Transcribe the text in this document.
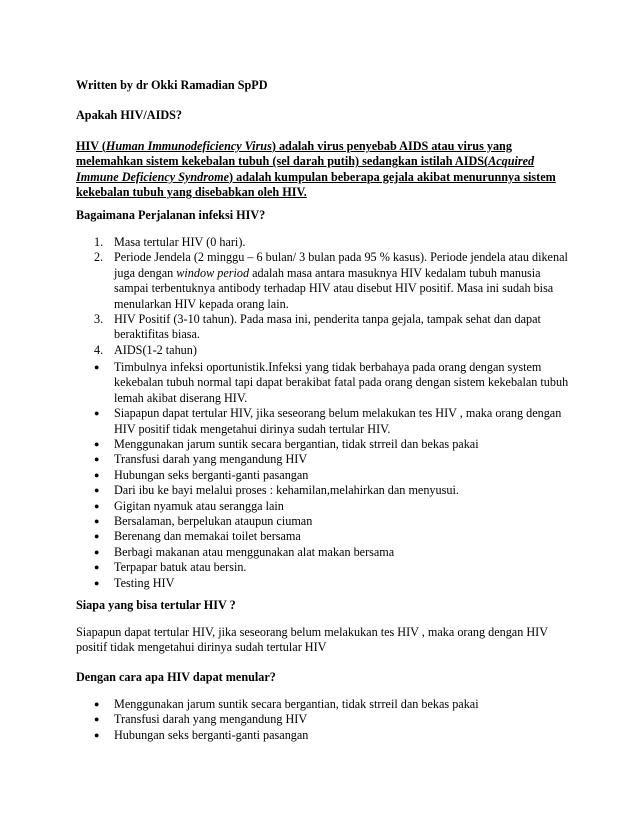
Written by dr Okki Ramadian SpPD

Apakah HIV/AIDS?

HIV (Human Immunodeficiency Virus) adalah virus penyebab AIDS atau virus yang melemahkan sistem kekebalan tubuh (sel darah putih) sedangkan istilah AIDS(Acquired Immune Deficiency Syndrome) adalah kumpulan beberapa gejala akibat menurunnya sistem kekebalan tubuh yang disebabkan oleh HIV.

Bagaimana Perjalanan infeksi HIV?

1. Masa tertular HIV (0 hari).
2. Periode Jendela (2 minggu – 6 bulan/ 3 bulan pada 95 % kasus). Periode jendela atau dikenal juga dengan window period adalah masa antara masuknya HIV kedalam tubuh manusia sampai terbentuknya antibody terhadap HIV atau disebut HIV positif. Masa ini sudah bisa menularkan HIV kepada orang lain.
3. HIV Positif (3-10 tahun). Pada masa ini, penderita tanpa gejala, tampak sehat dan dapat beraktifitas biasa.
4. AIDS(1-2 tahun)
● Timbulnya infeksi oportunistik.Infeksi yang tidak berbahaya pada orang dengan system kekebalan tubuh normal tapi dapat berakibat fatal pada orang dengan sistem kekebalan tubuh lemah akibat diserang HIV.
● Siapapun dapat tertular HIV, jika seseorang belum melakukan tes HIV , maka orang dengan HIV positif tidak mengetahui dirinya sudah tertular HIV.
● Menggunakan jarum suntik secara bergantian, tidak strreil dan bekas pakai
● Transfusi darah yang mengandung HIV
● Hubungan seks berganti-ganti pasangan
● Dari ibu ke bayi melalui proses : kehamilan,melahirkan dan menyusui.
● Gigitan nyamuk atau serangga lain
● Bersalaman, berpelukan ataupun ciuman
● Berenang dan memakai toilet bersama
● Berbagi makanan atau menggunakan alat makan bersama
● Terpapar batuk atau bersin.
● Testing HIV

Siapa yang bisa tertular HIV ?

Siapapun dapat tertular HIV, jika seseorang belum melakukan tes HIV , maka orang dengan HIV positif tidak mengetahui dirinya sudah tertular HIV

Dengan cara apa HIV dapat menular?

● Menggunakan jarum suntik secara bergantian, tidak strreil dan bekas pakai
● Transfusi darah yang mengandung HIV
● Hubungan seks berganti-ganti pasangan
